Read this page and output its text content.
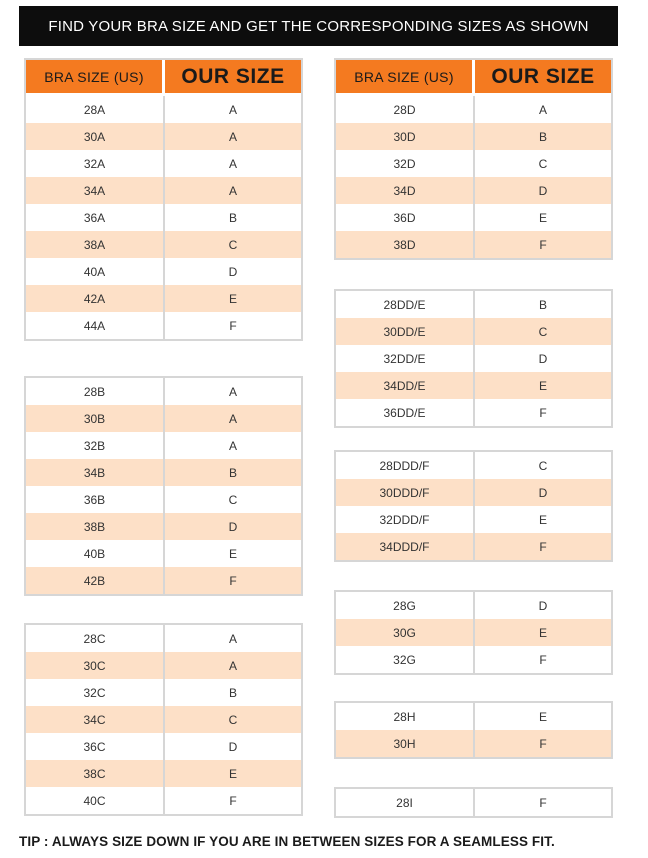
FIND YOUR BRA SIZE AND GET THE CORRESPONDING SIZES AS SHOWN
BRA SIZE (US)	OUR SIZE
28A	A
30A	A
32A	A
34A	A
36A	B
38A	C
40A	D
42A	E
44A	F
28B	A
30B	A
32B	A
34B	B
36B	C
38B	D
40B	E
42B	F
28C	A
30C	A
32C	B
34C	C
36C	D
38C	E
40C	F
BRA SIZE (US)	OUR SIZE
28D	A
30D	B
32D	C
34D	D
36D	E
38D	F
28DD/E	B
30DD/E	C
32DD/E	D
34DD/E	E
36DD/E	F
28DDD/F	C
30DDD/F	D
32DDD/F	E
34DDD/F	F
28G	D
30G	E
32G	F
28H	E
30H	F
28I	F
TIP : ALWAYS SIZE DOWN IF YOU ARE IN BETWEEN SIZES FOR A SEAMLESS FIT.
